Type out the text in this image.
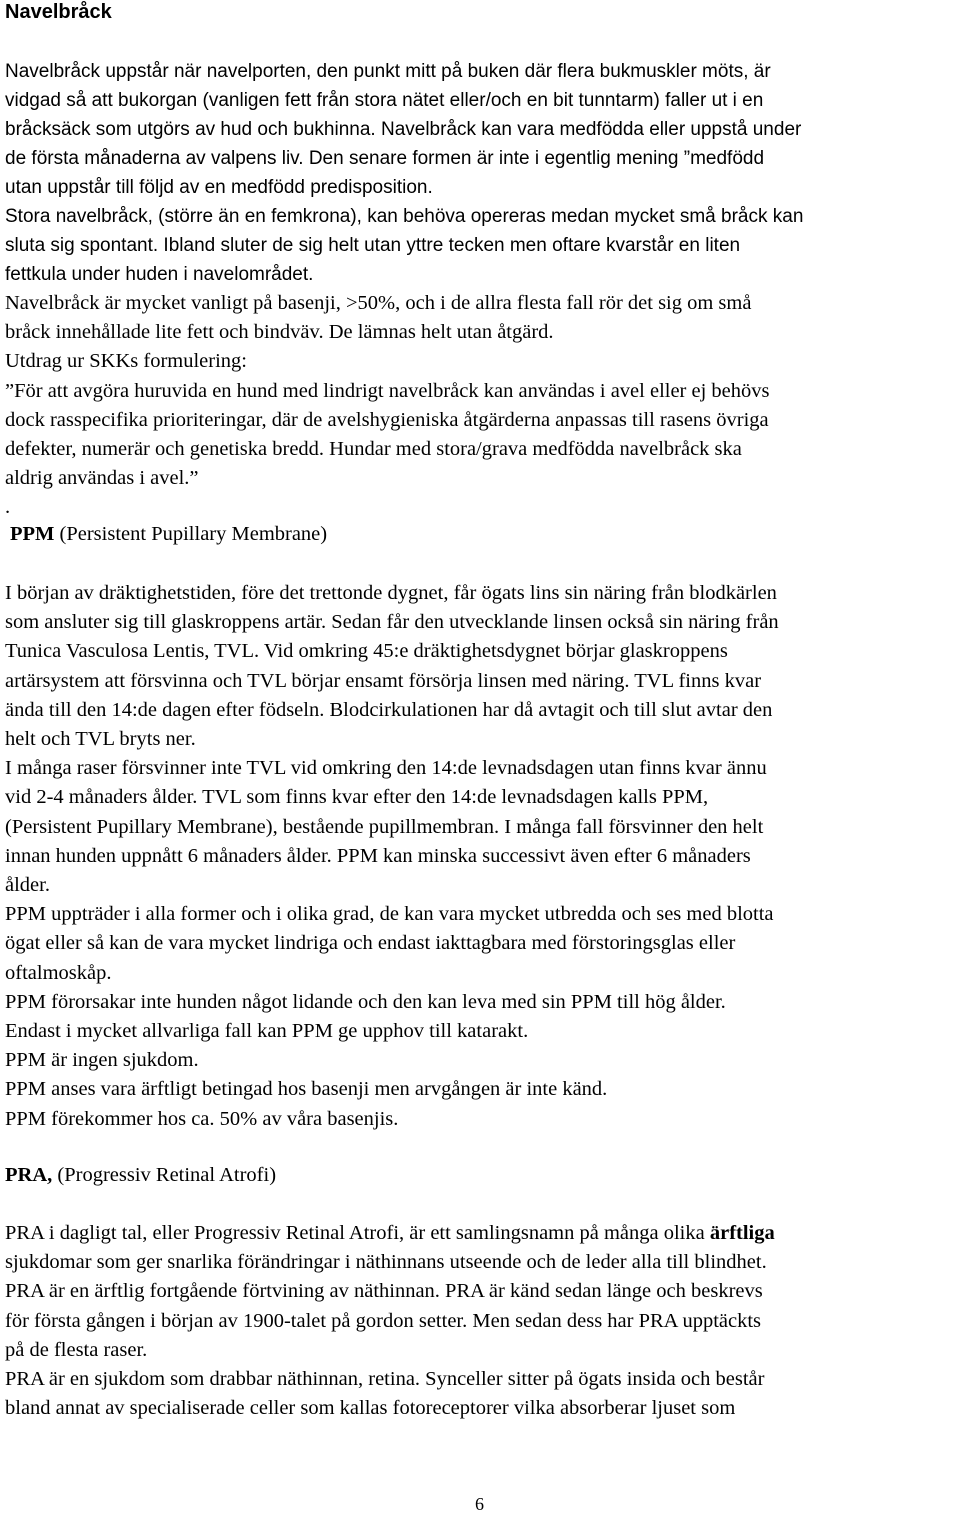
Navelbråck
Navelbråck uppstår när navelporten, den punkt mitt på buken där flera bukmuskler möts, är
vidgad så att bukorgan (vanligen fett från stora nätet eller/och en bit tunntarm) faller ut i en
bråcksäck som utgörs av hud och bukhinna. Navelbråck kan vara medfödda eller uppstå under
de första månaderna av valpens liv. Den senare formen är inte i egentlig mening ”medfödd
utan uppstår till följd av en medfödd predisposition.
Stora navelbråck, (större än en femkrona), kan behöva opereras medan mycket små bråck kan
sluta sig spontant. Ibland sluter de sig helt utan yttre tecken men oftare kvarstår en liten
fettkula under huden i navelområdet.
Navelbråck är mycket vanligt på basenji, >50%, och i de allra flesta fall rör det sig om små
bråck innehållade lite fett och bindväv. De lämnas helt utan åtgärd.
Utdrag ur SKKs formulering:
”För att avgöra huruvida en hund med lindrigt navelbråck kan användas i avel eller ej behövs
dock rasspecifika prioriteringar, där de avelshygieniska åtgärderna anpassas till rasens övriga
defekter, numerär och genetiska bredd. Hundar med stora/grava medfödda navelbråck ska
aldrig användas i avel.”
.
PPM (Persistent Pupillary Membrane)
I början av dräktighetstiden, före det trettonde dygnet, får ögats lins sin näring från blodkärlen
som ansluter sig till glaskroppens artär. Sedan får den utvecklande linsen också sin näring från
Tunica Vasculosa Lentis, TVL. Vid omkring 45:e dräktighetsdygnet börjar glaskroppens
artärsystem att försvinna och TVL börjar ensamt försörja linsen med näring. TVL finns kvar
ända till den 14:de dagen efter födseln. Blodcirkulationen har då avtagit och till slut avtar den
helt och TVL bryts ner.
I många raser försvinner inte TVL vid omkring den 14:de levnadsdagen utan finns kvar ännu
vid 2-4 månaders ålder. TVL som finns kvar efter den 14:de levnadsdagen kalls PPM,
(Persistent Pupillary Membrane), bestående pupillmembran. I många fall försvinner den helt
innan hunden uppnått 6 månaders ålder. PPM kan minska successivt även efter 6 månaders
ålder.
PPM uppträder i alla former och i olika grad, de kan vara mycket utbredda och ses med blotta
ögat eller så kan de vara mycket lindriga och endast iakttagbara med förstoringsglas eller
oftalmoskåp.
PPM förorsakar inte hunden något lidande och den kan leva med sin PPM till hög ålder.
Endast i mycket allvarliga fall kan PPM ge upphov till katarakt.
PPM är ingen sjukdom.
PPM anses vara ärftligt betingad hos basenji men arvgången är inte känd.
PPM förekommer hos ca. 50% av våra basenjis.
PRA, (Progressiv Retinal Atrofi)
PRA i dagligt tal, eller Progressiv Retinal Atrofi, är ett samlingsnamn på många olika ärftliga
sjukdomar som ger snarlika förändringar i näthinnans utseende och de leder alla till blindhet.
PRA är en ärftlig fortgående förtvining av näthinnan. PRA är känd sedan länge och beskrevs
för första gången i början av 1900-talet på gordon setter. Men sedan dess har PRA upptäckts
på de flesta raser.
PRA är en sjukdom som drabbar näthinnan, retina. Synceller sitter på ögats insida och består
bland annat av specialiserade celler som kallas fotoreceptorer vilka absorberar ljuset som
6
